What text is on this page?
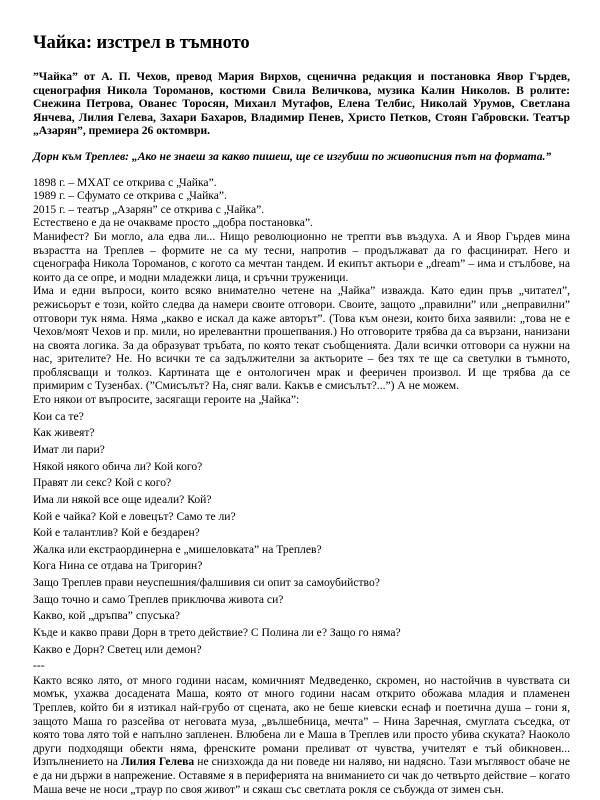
Чайка: изстрел в тъмното

”Чайка” от А. П. Чехов, превод Мария Вирхов, сценична редакция и постановка Явор Гърдев, сценография Никола Тороманов, костюми Свила Величкова, музика Калин Николов. В ролите: Снежина Петрова, Ованес Торосян, Михаил Мутафов, Елена Телбис, Николай Урумов, Светлана Янчева, Лилия Гелева, Захари Бахаров, Владимир Пенев, Христо Петков, Стоян Габровски. Театър „Азарян”, премиера 26 октомври.

Дорн към Треплев: „Ако не знаеш за какво пишеш, ще се изгубиш по живописния път на формата.”

1898 г. – МХАТ се открива с „Чайка”.

1989 г. – Сфумато се открива с „Чайка”.

2015 г. – театър „Азарян” се открива с „Чайка”.

Естествено е да не очакваме просто „добра постановка”.

Манифест? Би могло, ала едва ли... Нищо революционно не трепти във въздуха. А и Явор Гърдев мина възрастта на Треплев – формите не са му тесни, напротив – продължават да го фасцинират. Него и сценографа Никола Тороманов, с когото са мечтан тандем. И екипът актьори е „dream” – има и стълбове, на които да се опре, и модни младежки лица, и сръчни труженици.

Има и едни въпроси, които всяко внимателно четене на „Чайка” изважда. Като един пръв „читател”, режисьорът е този, който следва да намери своите отговори. Своите, защото „правилни” или „неправилни” отговори тук няма. Няма „какво е искал да каже авторът”. (Това към онези, които биха заявили: „това не е Чехов/моят Чехов и пр. мили, но ирелевантни прошепвания.) Но отговорите трябва да са вързани, нанизани на своята логика. За да образуват тръбата, по която текат съобщенията. Дали всички отговори са нужни на нас, зрителите? Не. Но всички те са задължителни за актьорите – без тях те ще са светулки в тъмното, проблясващи и толкоз. Картината ще е онтологичен мрак и фееричен произвол. И ще трябва да се примирим с Тузенбах. (”Смисълът? На, сняг вали. Какъв е смисълът?...”) А не можем.

Ето някои от въпросите, засягащи героите на „Чайка”:

Кои са те?

Как живеят?

Имат ли пари?

Някой някого обича ли? Кой кого?

Правят ли секс? Кой с кого?

Има ли някой все още идеали? Кой?

Кой е чайка? Кой е ловецът? Само те ли?

Кой е талантлив? Кой е бездарен?

Жалка или екстраординерна е „мишеловката” на Треплев?

Кога Нина се отдава на Тригорин?

Защо Треплев прави неуспешния/фалшивия си опит за самоубийство?

Защо точно и само Треплев приключва живота си?

Какво, кой „дръпва” спусъка?

Къде и какво прави Дорн в трето действие? С Полина ли е? Защо го няма?

Какво е Дорн? Светец или демон?

---

Както всяко лято, от много години насам, комичният Медведенко, скромен, но настойчив в чувствата си момък, ухажва досадената Маша, която от много години насам открито обожава младия и пламенен Треплев, който би я изтикал най-грубо от сцената, ако не беше киевски еснаф и поетична душа – гони я, защото Маша го разсейва от неговата муза, „вълшебница, мечта” – Нина Заречная, смуглата съседка, от която това лято той е напълно запленен. Влюбена ли е Маша в Треплев или просто убива скуката? Наоколо други подходящи обекти няма, френските романи преливат от чувства, учителят е тъй обикновен... Изпълнението на Лилия Гелева не снизхожда да ни поведе ни наляво, ни надясно. Тази мъглявост обаче не е да ни държи в напрежение. Оставяме я в периферията на вниманието си чак до четвърто действие – когато Маша вече не носи „траур по своя живот” и сякаш със светлата рокля се събужда от зимен сън.
